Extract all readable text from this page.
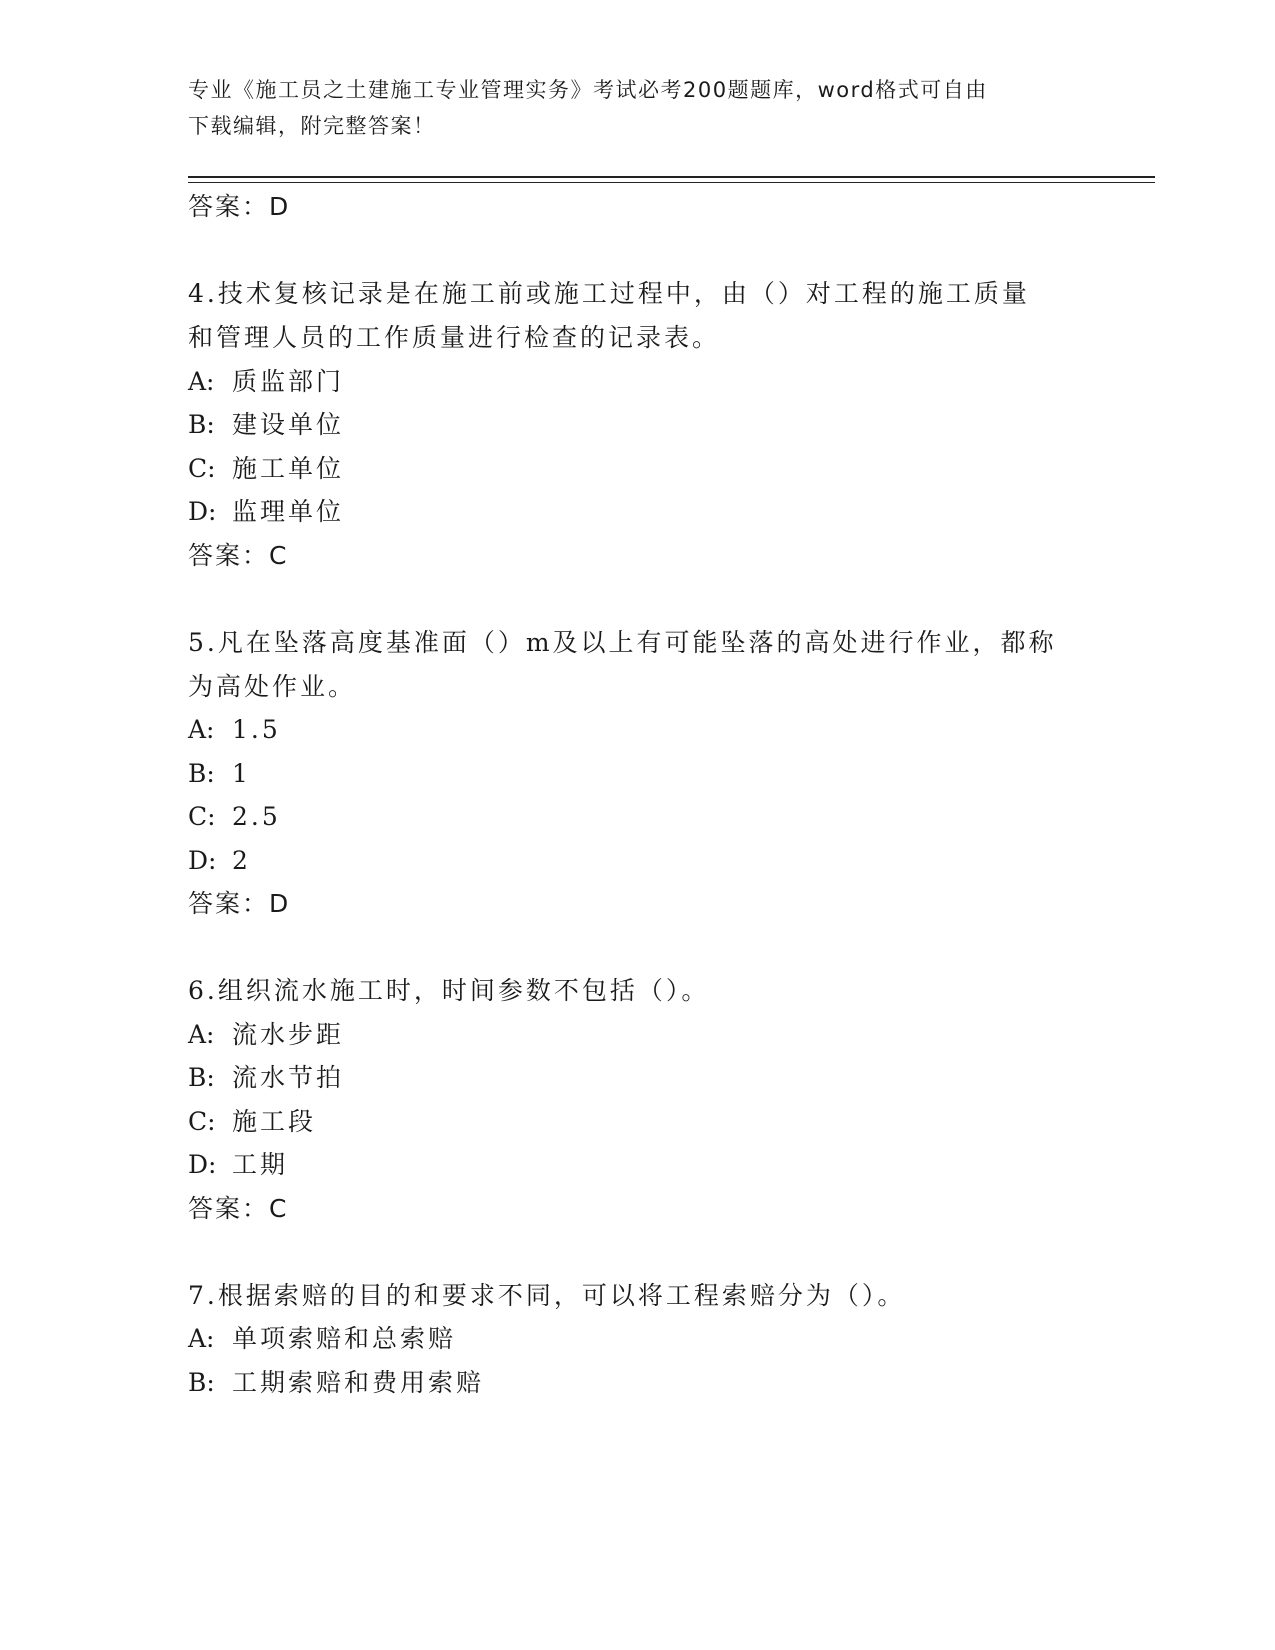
专业《施工员之土建施工专业管理实务》考试必考200题题库，word格式可自由
下载编辑，附完整答案！
答案：D
4.技术复核记录是在施工前或施工过程中，由（）对工程的施工质量
和管理人员的工作质量进行检查的记录表。
A: 质监部门
B: 建设单位
C: 施工单位
D: 监理单位
答案：C
5.凡在坠落高度基准面（）m及以上有可能坠落的高处进行作业，都称
为高处作业。
A: 1.5
B: 1
C: 2.5
D: 2
答案：D
6.组织流水施工时，时间参数不包括（）。
A: 流水步距
B: 流水节拍
C: 施工段
D: 工期
答案：C
7.根据索赔的目的和要求不同，可以将工程索赔分为（）。
A: 单项索赔和总索赔
B: 工期索赔和费用索赔
